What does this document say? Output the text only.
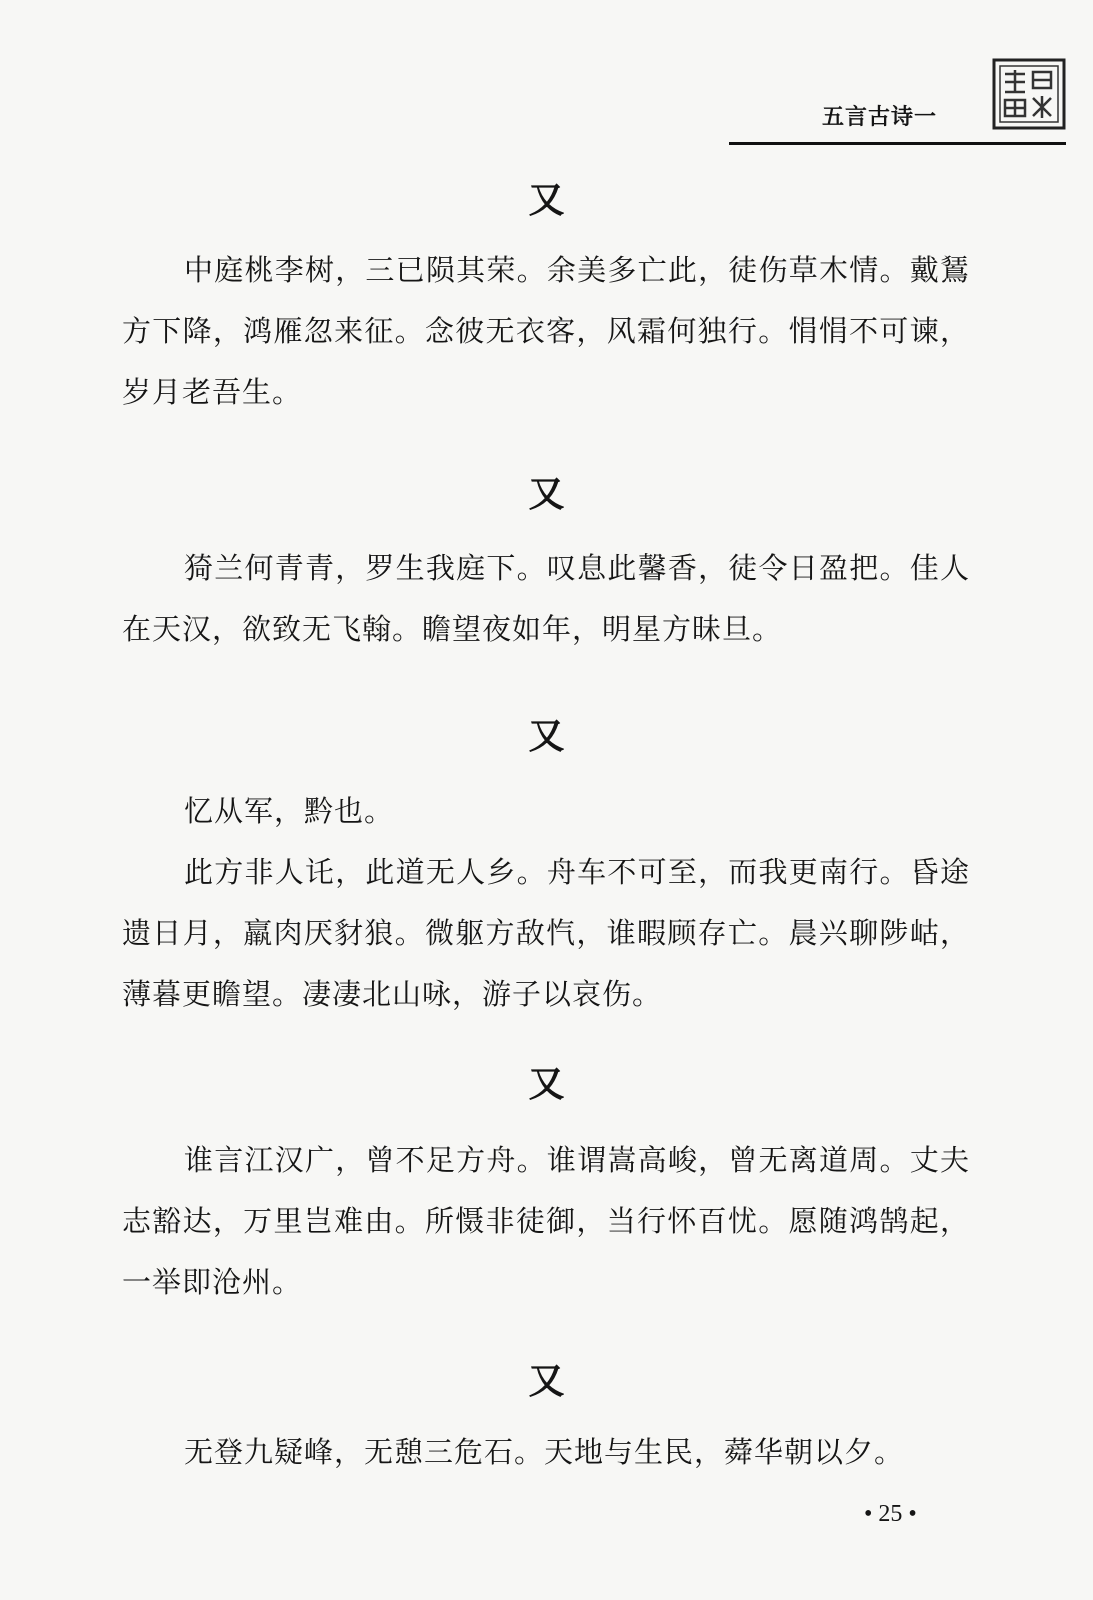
五言古诗一
又

中庭桃李树，三已陨其荣。余美多亡此，徒伤草木情。戴鵟方下降，鸿雁忽来征。念彼无衣客，风霜何独行。悁悁不可谏，岁月老吾生。

又

猗兰何青青，罗生我庭下。叹息此馨香，徒令日盈把。佳人在天汉，欲致无飞翰。瞻望夜如年，明星方昧旦。

又

忆从军，黔也。

此方非人讬，此道无人乡。舟车不可至，而我更南行。昏途遗日月，羸肉厌豺狼。微躯方敌忾，谁暇顾存亡。晨兴聊陟岵，薄暮更瞻望。凄凄北山咏，游子以哀伤。

又

谁言江汉广，曾不足方舟。谁谓嵩高峻，曾无离道周。丈夫志豁达，万里岂难由。所慑非徒御，当行怀百忧。愿随鸿鹄起，一举即沧州。

又

无登九疑峰，无憩三危石。天地与生民，蕣华朝以夕。

• 25 •
